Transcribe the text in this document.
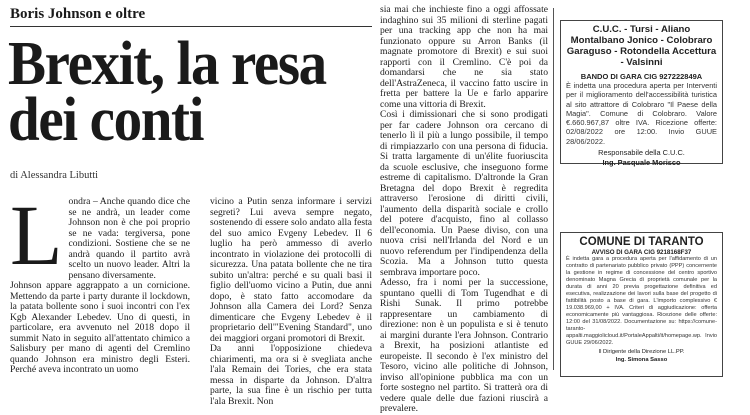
Boris Johnson e oltre
Brexit, la resa dei conti
di Alessandra Libutti
L ondra – Anche quando dice che se ne andrà, un leader come Johnson non è che poi proprio se ne vada: tergiversa, pone condizioni. Sostiene che se ne andrà quando il partito avrà scelto un nuovo leader. Altri la pensano diversamente.

Johnson appare aggrappato a un cornicione. Mettendo da parte i party durante il lockdown, la patata bollente sono i suoi incontri con l'ex Kgb Alexander Lebedev. Uno di questi, in particolare, era avvenuto nel 2018 dopo il summit Nato in seguito all'attentato chimico a Salisbury per mano di agenti del Cremlino quando Johnson era ministro degli Esteri. Perché aveva incontrato un uomo

vicino a Putin senza informare i servizi segreti? Lui aveva sempre negato, sostenendo di essere solo andato alla festa del suo amico Evgeny Lebedev. Il 6 luglio ha però ammesso di averlo incontrato in violazione dei protocolli di sicurezza. Una patata bollente che ne tira subito un'altra: perché e su quali basi il figlio dell'uomo vicino a Putin, due anni dopo, è stato fatto accomodare da Johnson alla Camera dei Lord? Senza dimenticare che Evgeny Lebedev è il proprietario dell'"Evening Standard", uno dei maggiori organi promotori di Brexit.

Da anni l'opposizione chiedeva chiarimenti, ma ora si è svegliata anche l'ala Remain dei Tories, che era stata messa in disparte da Johnson. D'altra parte, la sua fine è un rischio per tutta l'ala Brexit. Non

sia mai che inchieste fino a oggi affossate indaghino sui 35 milioni di sterline pagati per una tracking app che non ha mai funzionato oppure su Arron Banks (il magnate promotore di Brexit) e sui suoi rapporti con il Cremlino. C'è poi da domandarsi che ne sia stato dell'AstraZeneca, il vaccino fatto uscire in fretta per battere la Ue e farlo apparire come una vittoria di Brexit.

Così i dimissionari che si sono prodigati per far cadere Johnson ora cercano di tenerlo lì il più a lungo possibile, il tempo di rimpiazzarlo con una persona di fiducia. Si tratta largamente di un'élite fuoriuscita da scuole esclusive, che inseguono forme estreme di capitalismo. D'altronde la Gran Bretagna del dopo Brexit è regredita attraverso l'erosione di diritti civili, l'aumento della disparità sociale e crollo del potere d'acquisto, fino al collasso dell'economia. Un Paese diviso, con una nuova crisi nell'Irlanda del Nord e un nuovo referendum per l'indipendenza della Scozia. Ma a Johnson tutto questa sembrava importare poco.

Adesso, fra i nomi per la successione, spuntano quelli di Tom Tugendhat e di Rishi Sunak. Il primo potrebbe rappresentare un cambiamento di direzione: non è un populista e si è tenuto ai margini durante l'era Johnson. Contrario a Brexit, ha posizioni atlantiste ed europeiste. Il secondo è l'ex ministro del Tesoro, vicino alle politiche di Johnson, inviso all'opinione pubblica ma con un forte sostegno nel partito. Si tratterà ora di vedere quale delle due fazioni riuscirà a prevalere.

C.U.C. - Tursi - Aliano Montalbano Jonico - Colobraro Garaguso - Rotondella Accettura - Valsinni
BANDO DI GARA CIG 927222849A
È indetta una procedura aperta per Interventi per il miglioramento dell'accessibilità turistica al sito attrattore di Colobraro "Il Paese della Magia". Comune di Colobraro. Valore €.660.967,87 oltre IVA. Ricezione offerte: 02/08/2022 ore 12:00. Invio GUUE 28/06/2022.
Responsabile della C.U.C.
Ing. Pasquale Morisco
COMUNE DI TARANTO
AVVISO DI GARA CIG 9218168F37
È indetta gara a procedura aperta per l'affidamento di un contratto di partenariato pubblico privato (PPP) concernente la gestione in regime di concessione del centro sportivo denominato Magna Grecia di proprietà comunale per la durata di anni 20 previa progettazione definitiva ed esecutiva, realizzazione dei lavori sulla base del progetto di fattibilità posto a base di gara. L'importo complessivo € 19.038.969,00 + IVA. Criteri di aggiudicazione: offerta economicamente più vantaggiosa. Ricezione delle offerte: 12:00 del 31/08/2022. Documentazione su: https://comune-taranto-appalti.maggiolicloud.it/PortaleAppalti/it/homepage.wp. Invio GUUE 29/06/2022.
Il Dirigente della Direzione LL.PP.
Ing. Simona Sasso
